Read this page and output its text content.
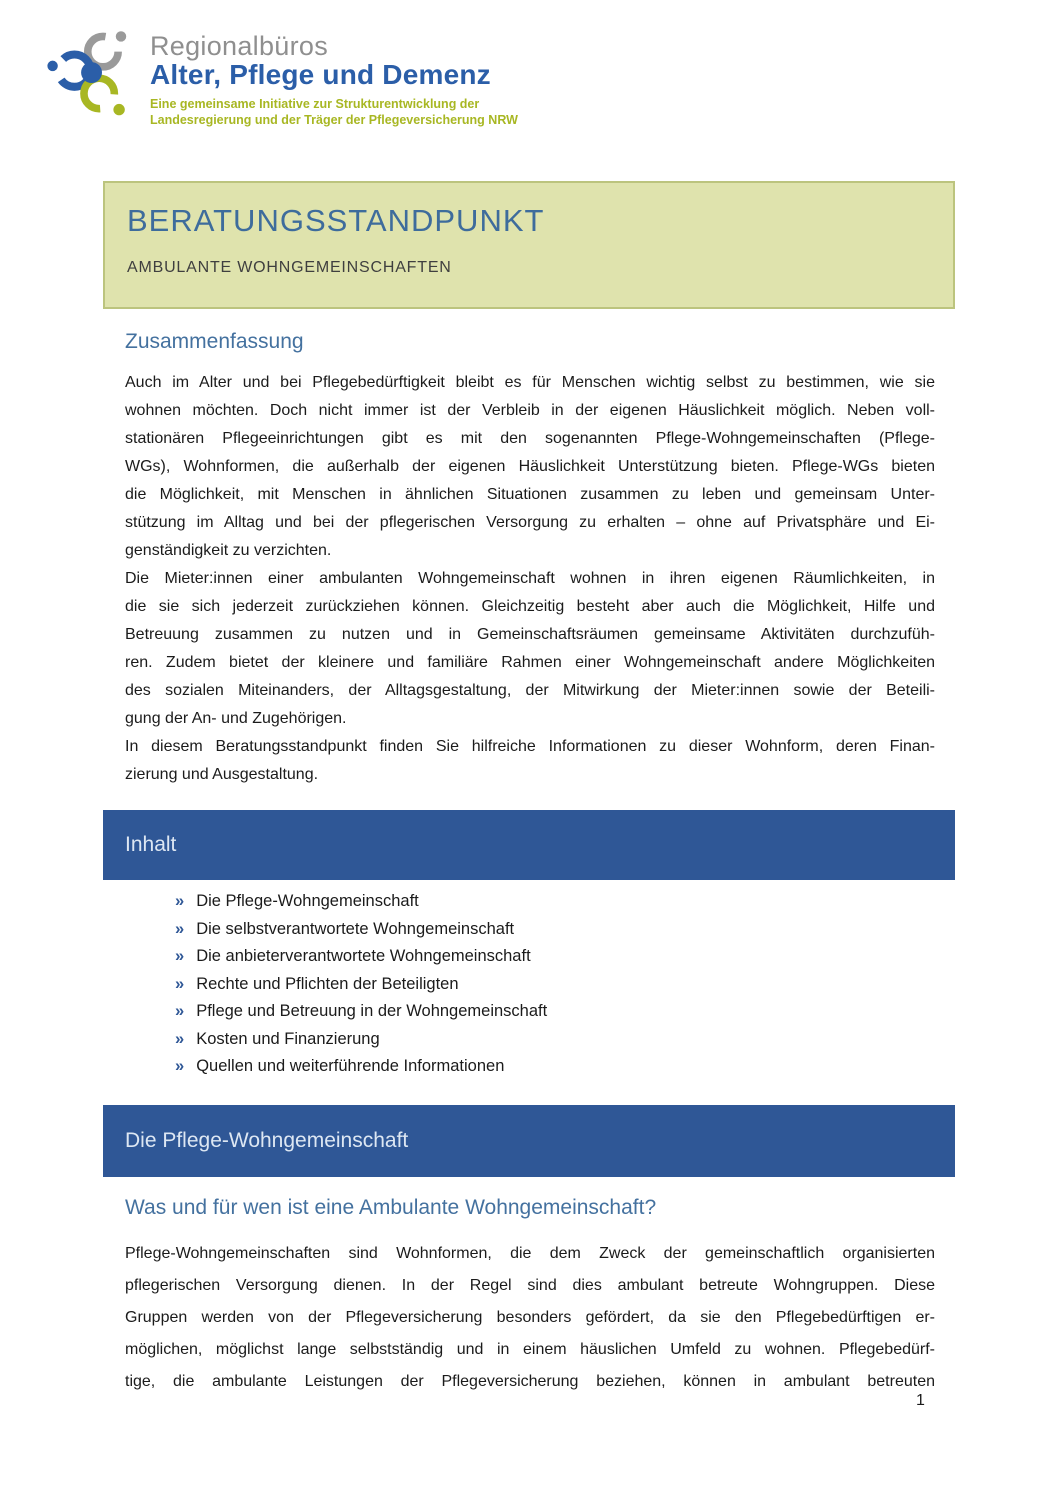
Regionalbüros
Alter, Pflege und Demenz
Eine gemeinsame Initiative zur Strukturentwicklung der
Landesregierung und der Träger der Pflegeversicherung NRW
BERATUNGSSTANDPUNKT
AMBULANTE WOHNGEMEINSCHAFTEN
Zusammenfassung
Auch im Alter und bei Pflegebedürftigkeit bleibt es für Menschen wichtig selbst zu bestimmen, wie sie
wohnen möchten. Doch nicht immer ist der Verbleib in der eigenen Häuslichkeit möglich. Neben voll-
stationären Pflegeeinrichtungen gibt es mit den sogenannten Pflege-Wohngemeinschaften (Pflege-
WGs), Wohnformen, die außerhalb der eigenen Häuslichkeit Unterstützung bieten. Pflege-WGs bieten
die Möglichkeit, mit Menschen in ähnlichen Situationen zusammen zu leben und gemeinsam Unter-
stützung im Alltag und bei der pflegerischen Versorgung zu erhalten – ohne auf Privatsphäre und Ei-
genständigkeit zu verzichten.
Die Mieter:innen einer ambulanten Wohngemeinschaft wohnen in ihren eigenen Räumlichkeiten, in
die sie sich jederzeit zurückziehen können. Gleichzeitig besteht aber auch die Möglichkeit, Hilfe und
Betreuung zusammen zu nutzen und in Gemeinschaftsräumen gemeinsame Aktivitäten durchzufüh-
ren. Zudem bietet der kleinere und familiäre Rahmen einer Wohngemeinschaft andere Möglichkeiten
des sozialen Miteinanders, der Alltagsgestaltung, der Mitwirkung der Mieter:innen sowie der Beteili-
gung der An- und Zugehörigen.
In diesem Beratungsstandpunkt finden Sie hilfreiche Informationen zu dieser Wohnform, deren Finan-
zierung und Ausgestaltung.
Inhalt
» Die Pflege-Wohngemeinschaft
» Die selbstverantwortete Wohngemeinschaft
» Die anbieterverantwortete Wohngemeinschaft
» Rechte und Pflichten der Beteiligten
» Pflege und Betreuung in der Wohngemeinschaft
» Kosten und Finanzierung
» Quellen und weiterführende Informationen
Die Pflege-Wohngemeinschaft
Was und für wen ist eine Ambulante Wohngemeinschaft?
Pflege-Wohngemeinschaften sind Wohnformen, die dem Zweck der gemeinschaftlich organisierten
pflegerischen Versorgung dienen. In der Regel sind dies ambulant betreute Wohngruppen. Diese
Gruppen werden von der Pflegeversicherung besonders gefördert, da sie den Pflegebedürftigen er-
möglichen, möglichst lange selbstständig und in einem häuslichen Umfeld zu wohnen. Pflegebedürf-
tige, die ambulante Leistungen der Pflegeversicherung beziehen, können in ambulant betreuten
1
